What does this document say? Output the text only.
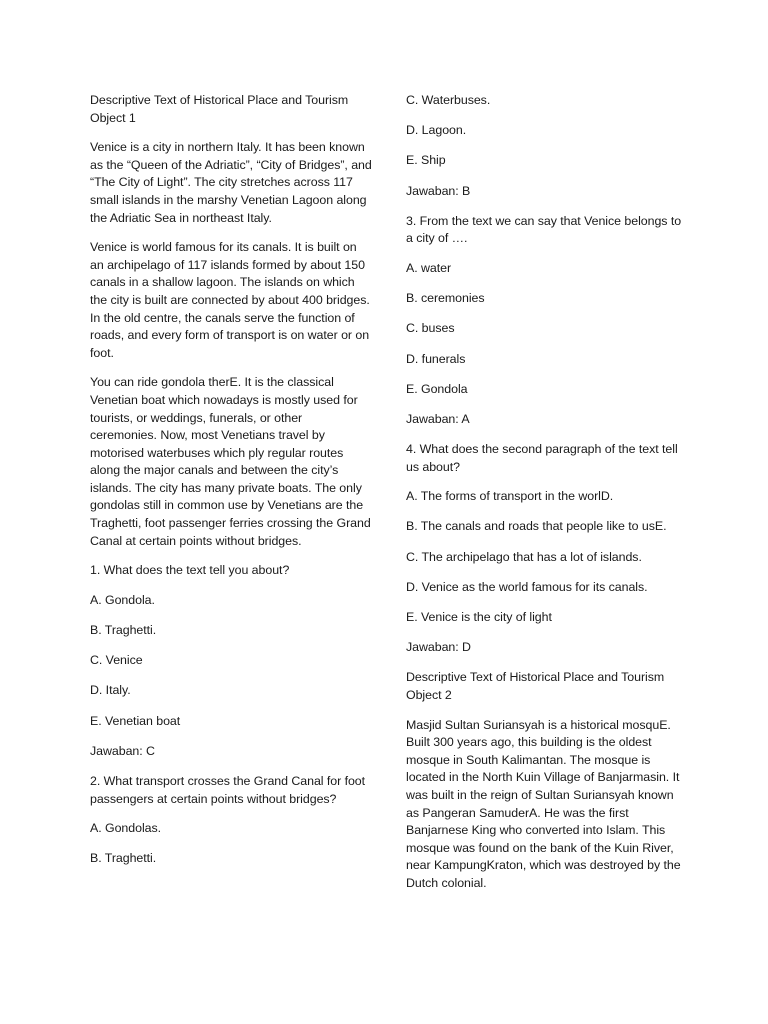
Descriptive Text of Historical Place and Tourism Object 1

Venice is a city in northern Italy. It has been known as the “Queen of the Adriatic”, “City of Bridges”, and “The City of Light”. The city stretches across 117 small islands in the marshy Venetian Lagoon along the Adriatic Sea in northeast Italy.

Venice is world famous for its canals. It is built on an archipelago of 117 islands formed by about 150 canals in a shallow lagoon. The islands on which the city is built are connected by about 400 bridges. In the old centre, the canals serve the function of roads, and every form of transport is on water or on foot.

You can ride gondola therE. It is the classical Venetian boat which nowadays is mostly used for tourists, or weddings, funerals, or other ceremonies. Now, most Venetians travel by motorised waterbuses which ply regular routes along the major canals and between the city’s islands. The city has many private boats. The only gondolas still in common use by Venetians are the Traghetti, foot passenger ferries crossing the Grand Canal at certain points without bridges.

1. What does the text tell you about?

A. Gondola.

B. Traghetti.

C. Venice

D. Italy.

E. Venetian boat

Jawaban: C

2. What transport crosses the Grand Canal for foot passengers at certain points without bridges?

A. Gondolas.

B. Traghetti.

C. Waterbuses.

D. Lagoon.

E. Ship

Jawaban: B

3. From the text we can say that Venice belongs to a city of ….

A. water

B. ceremonies

C. buses

D. funerals

E. Gondola

Jawaban: A

4. What does the second paragraph of the text tell us about?

A. The forms of transport in the worlD.

B. The canals and roads that people like to usE.

C. The archipelago that has a lot of islands.

D. Venice as the world famous for its canals.

E. Venice is the city of light

Jawaban: D

Descriptive Text of Historical Place and Tourism Object 2

Masjid Sultan Suriansyah is a historical mosquE. Built 300 years ago, this building is the oldest mosque in South Kalimantan. The mosque is located in the North Kuin Village of Banjarmasin. It was built in the reign of Sultan Suriansyah known as Pangeran SamuderA. He was the first Banjarnese King who converted into Islam. This mosque was found on the bank of the Kuin River, near KampungKraton, which was destroyed by the Dutch colonial.
